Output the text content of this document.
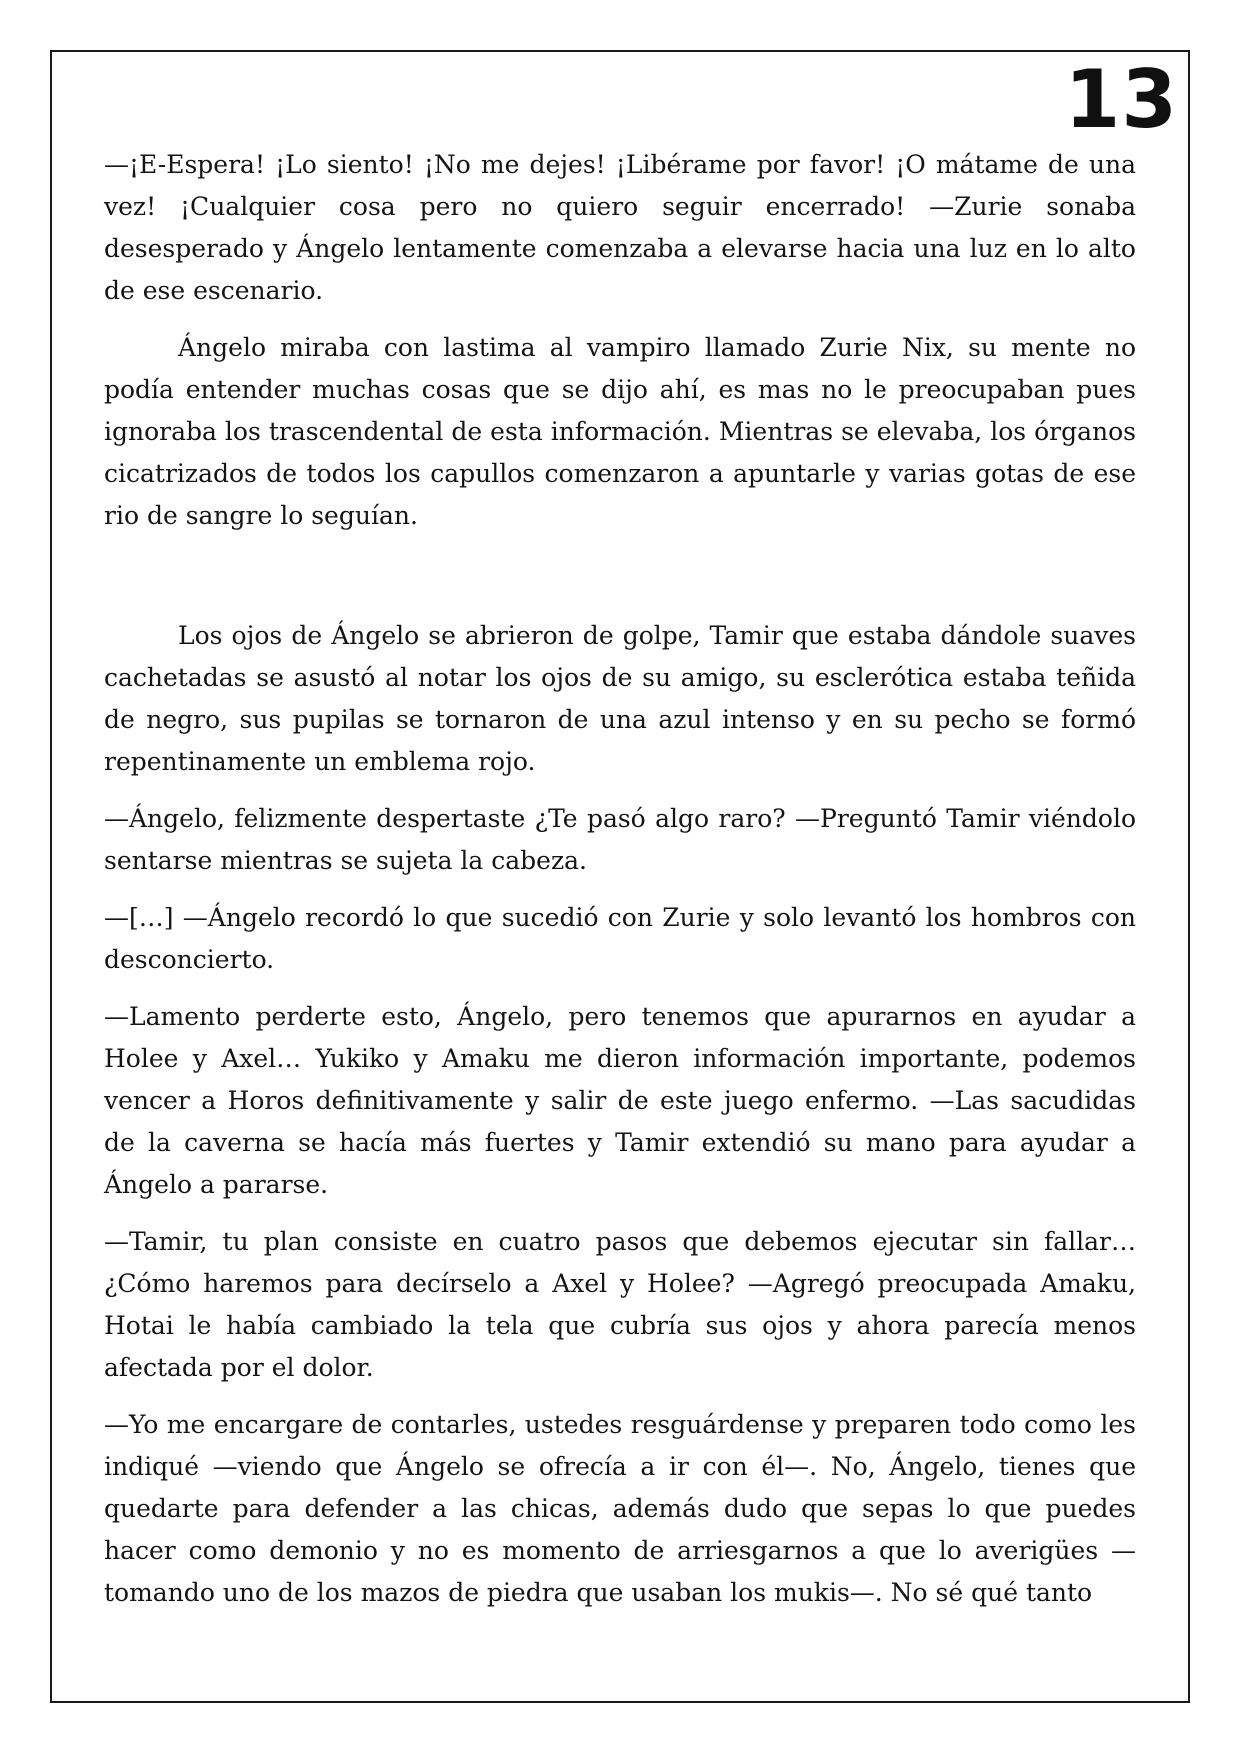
13

—¡E-Espera! ¡Lo siento! ¡No me dejes! ¡Libérame por favor! ¡O mátame de una vez! ¡Cualquier cosa pero no quiero seguir encerrado! —Zurie sonaba desesperado y Ángelo lentamente comenzaba a elevarse hacia una luz en lo alto de ese escenario.

Ángelo miraba con lastima al vampiro llamado Zurie Nix, su mente no podía entender muchas cosas que se dijo ahí, es mas no le preocupaban pues ignoraba los trascendental de esta información. Mientras se elevaba, los órganos cicatrizados de todos los capullos comenzaron a apuntarle y varias gotas de ese rio de sangre lo seguían.

Los ojos de Ángelo se abrieron de golpe, Tamir que estaba dándole suaves cachetadas se asustó al notar los ojos de su amigo, su esclerótica estaba teñida de negro, sus pupilas se tornaron de una azul intenso y en su pecho se formó repentinamente un emblema rojo.

—Ángelo, felizmente despertaste ¿Te pasó algo raro? —Preguntó Tamir viéndolo sentarse mientras se sujeta la cabeza.

—[…] —Ángelo recordó lo que sucedió con Zurie y solo levantó los hombros con desconcierto.

—Lamento perderte esto, Ángelo, pero tenemos que apurarnos en ayudar a Holee y Axel… Yukiko y Amaku me dieron información importante, podemos vencer a Horos definitivamente y salir de este juego enfermo. —Las sacudidas de la caverna se hacía más fuertes y Tamir extendió su mano para ayudar a Ángelo a pararse.

—Tamir, tu plan consiste en cuatro pasos que debemos ejecutar sin fallar… ¿Cómo haremos para decírselo a Axel y Holee? —Agregó preocupada Amaku, Hotai le había cambiado la tela que cubría sus ojos y ahora parecía menos afectada por el dolor.

—Yo me encargare de contarles, ustedes resguárdense y preparen todo como les indiqué —viendo que Ángelo se ofrecía a ir con él—. No, Ángelo, tienes que quedarte para defender a las chicas, además dudo que sepas lo que puedes hacer como demonio y no es momento de arriesgarnos a que lo averigües —tomando uno de los mazos de piedra que usaban los mukis—. No sé qué tanto
